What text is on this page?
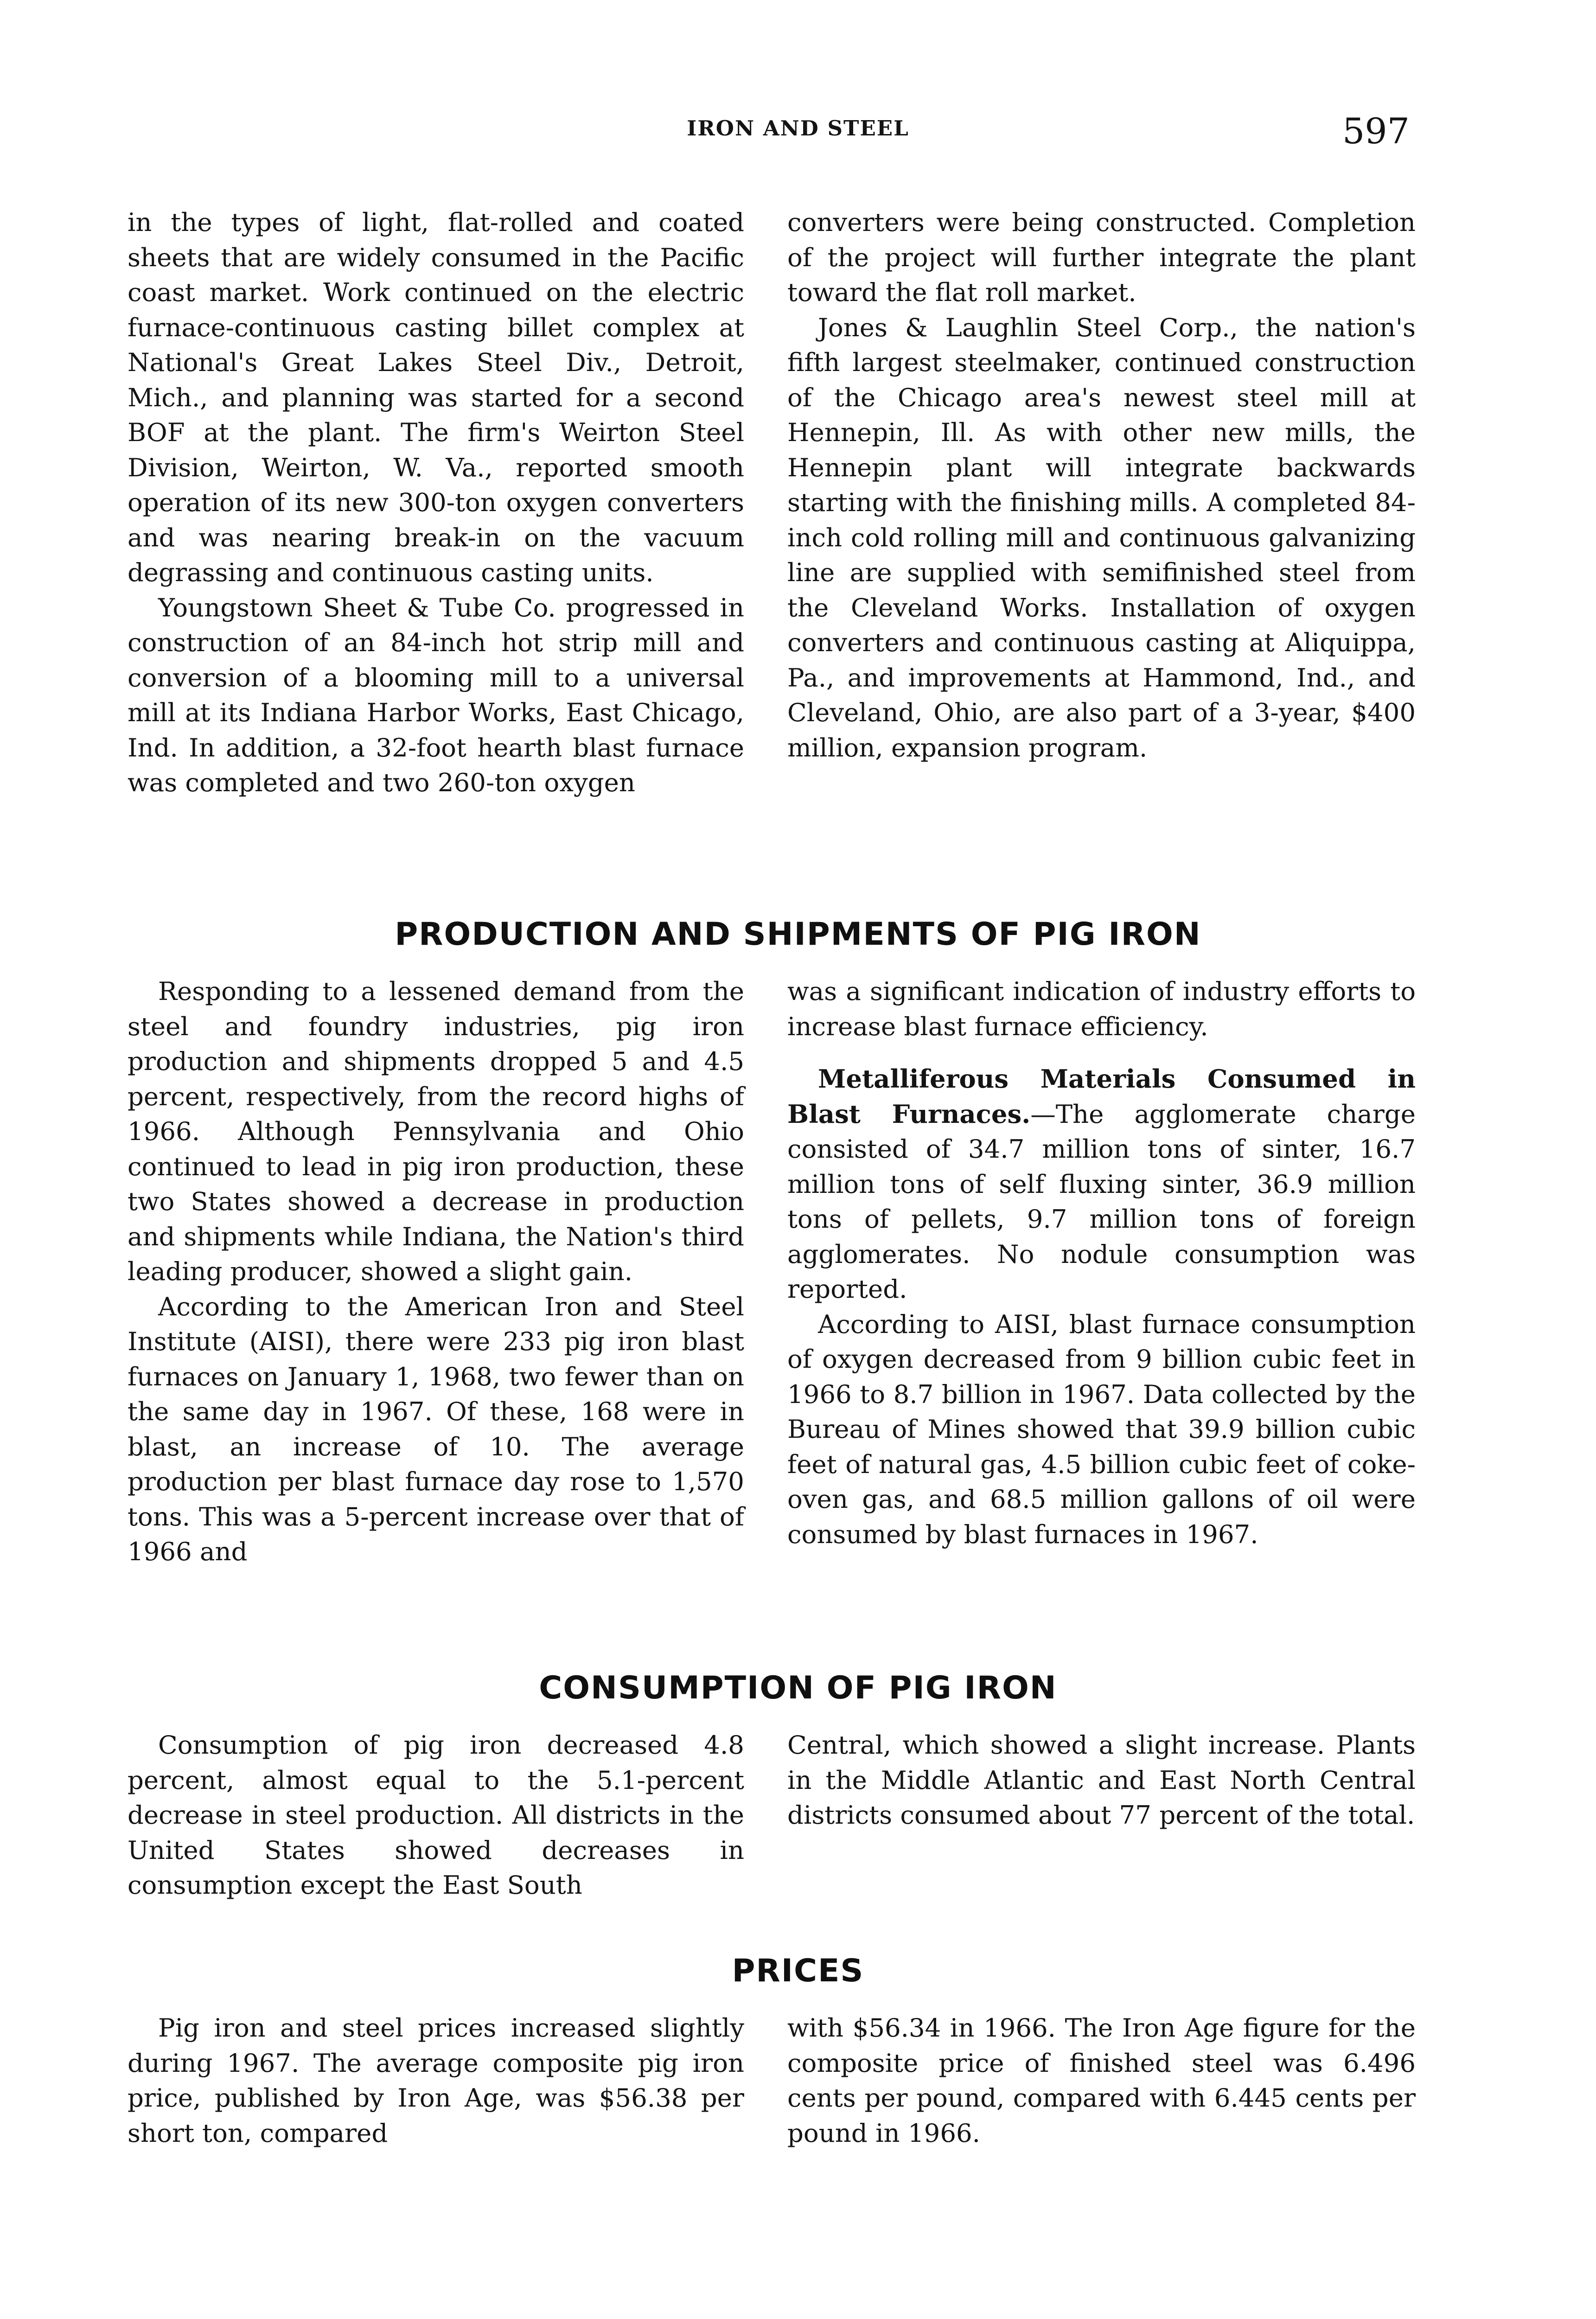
IRON AND STEEL	597

in the types of light, flat-rolled and coated sheets that are widely consumed in the Pacific coast market. Work continued on the electric furnace-continuous casting billet complex at National's Great Lakes Steel Div., Detroit, Mich., and planning was started for a second BOF at the plant. The firm's Weirton Steel Division, Weirton, W. Va., reported smooth operation of its new 300-ton oxygen converters and was nearing break-in on the vacuum degrassing and continuous casting units.

Youngstown Sheet & Tube Co. progressed in construction of an 84-inch hot strip mill and conversion of a blooming mill to a universal mill at its Indiana Harbor Works, East Chicago, Ind. In addition, a 32-foot hearth blast furnace was completed and two 260-ton oxygen

converters were being constructed. Completion of the project will further integrate the plant toward the flat roll market.

Jones & Laughlin Steel Corp., the nation's fifth largest steelmaker, continued construction of the Chicago area's newest steel mill at Hennepin, Ill. As with other new mills, the Hennepin plant will integrate backwards starting with the finishing mills. A completed 84-inch cold rolling mill and continuous galvanizing line are supplied with semifinished steel from the Cleveland Works. Installation of oxygen converters and continuous casting at Aliquippa, Pa., and improvements at Hammond, Ind., and Cleveland, Ohio, are also part of a 3-year, $400 million, expansion program.

PRODUCTION AND SHIPMENTS OF PIG IRON

Responding to a lessened demand from the steel and foundry industries, pig iron production and shipments dropped 5 and 4.5 percent, respectively, from the record highs of 1966. Although Pennsylvania and Ohio continued to lead in pig iron production, these two States showed a decrease in production and shipments while Indiana, the Nation's third leading producer, showed a slight gain.

According to the American Iron and Steel Institute (AISI), there were 233 pig iron blast furnaces on January 1, 1968, two fewer than on the same day in 1967. Of these, 168 were in blast, an increase of 10. The average production per blast furnace day rose to 1,570 tons. This was a 5-percent increase over that of 1966 and

was a significant indication of industry efforts to increase blast furnace efficiency.

Metalliferous Materials Consumed in Blast Furnaces.—The agglomerate charge consisted of 34.7 million tons of sinter, 16.7 million tons of self fluxing sinter, 36.9 million tons of pellets, 9.7 million tons of foreign agglomerates. No nodule consumption was reported.

According to AISI, blast furnace consumption of oxygen decreased from 9 billion cubic feet in 1966 to 8.7 billion in 1967. Data collected by the Bureau of Mines showed that 39.9 billion cubic feet of natural gas, 4.5 billion cubic feet of coke-oven gas, and 68.5 million gallons of oil were consumed by blast furnaces in 1967.

CONSUMPTION OF PIG IRON

Consumption of pig iron decreased 4.8 percent, almost equal to the 5.1-percent decrease in steel production. All districts in the United States showed decreases in consumption except the East South

Central, which showed a slight increase. Plants in the Middle Atlantic and East North Central districts consumed about 77 percent of the total.

PRICES

Pig iron and steel prices increased slightly during 1967. The average composite pig iron price, published by Iron Age, was $56.38 per short ton, compared

with $56.34 in 1966. The Iron Age figure for the composite price of finished steel was 6.496 cents per pound, compared with 6.445 cents per pound in 1966.
